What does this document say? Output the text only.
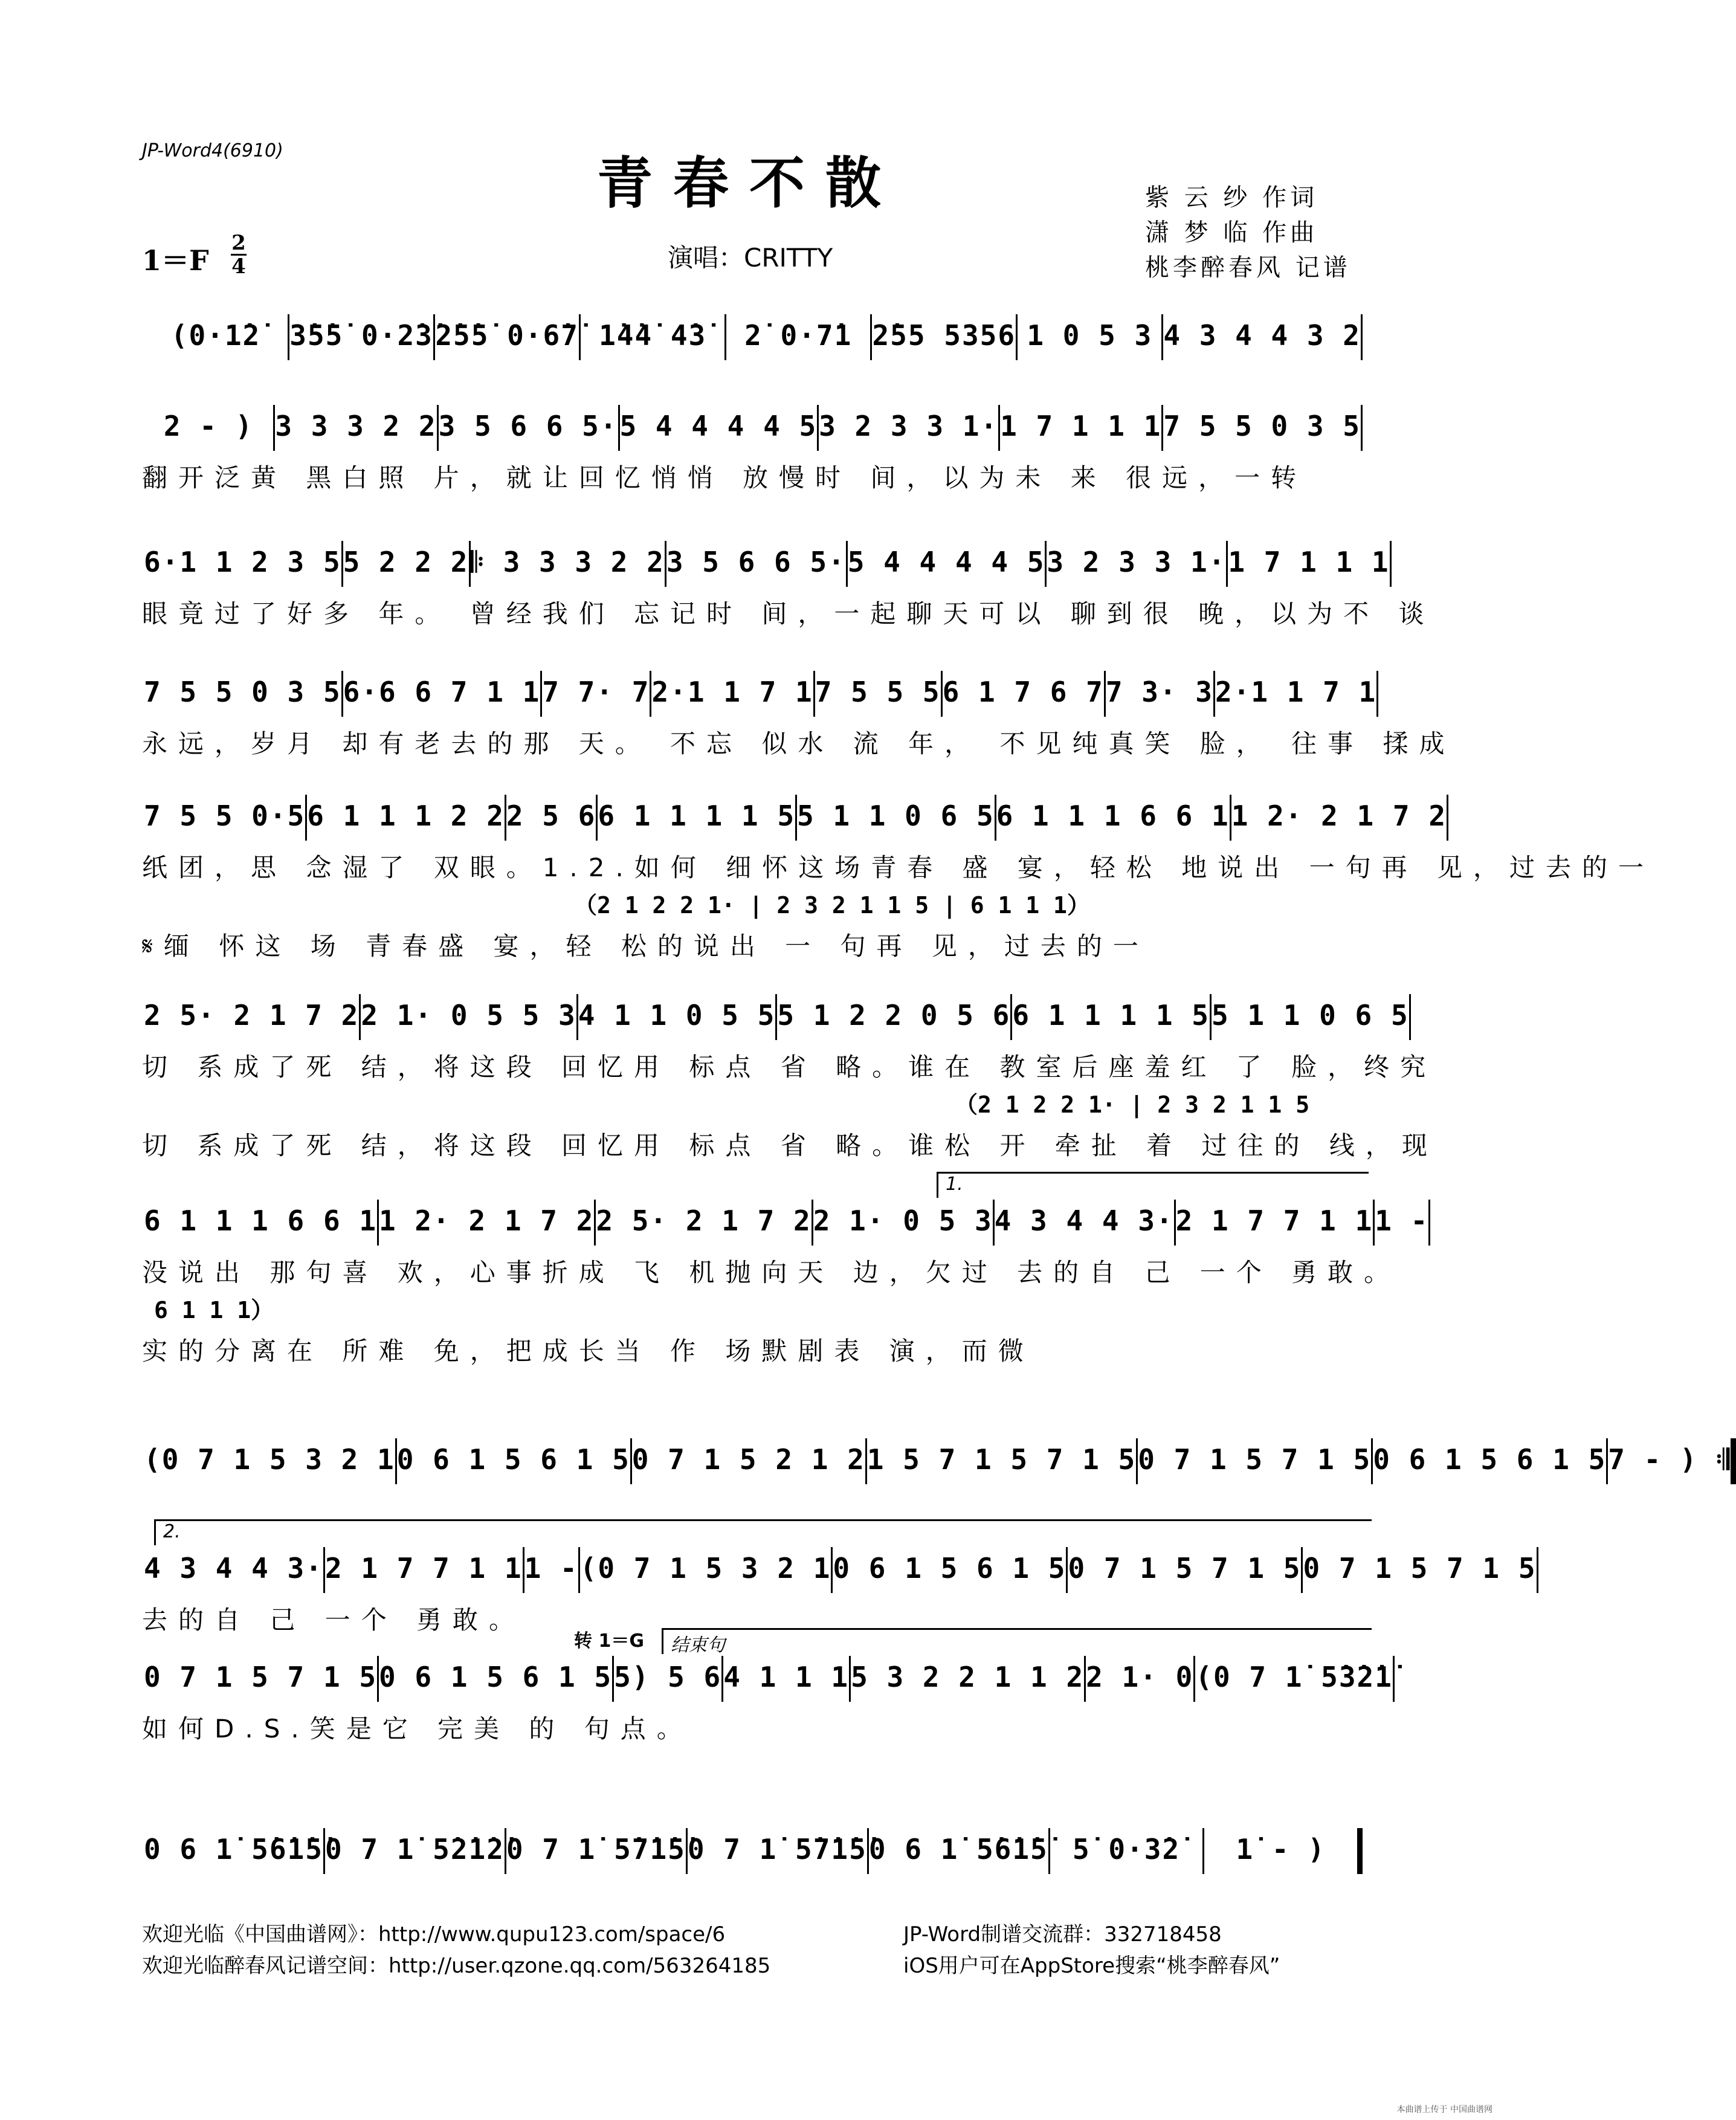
JP-Word4(6910)	青春不散	紫 云 纱 作词
潇 梦 临 作曲
桃李醉春风 记谱
1＝F
2
4	演唱：CRITTY
(0·1̇2̇	3̇5̇5̇ 0·2̇3̇ 2̇5̇5̇ 0·6̇7̇ 1̇4̇4̇ 4̇3̇	2̇ 0·7̇1 2̇55 5356 1 0 5 3 4 3 4 4 3 2
2 - ) 3 3 3 2 2 3 5 6 6 5· 5 4 4 4 4 5 3 2 3 3 1· 1 7 1 1 1 7 5 5 0 3 5
翻开泛黄 黑白照 片，就让回忆悄悄 放慢时 间，以为未 来 很远，一转
6·1 1 2 3 5 5 2 2 2 𝄆 3 3 3 2 2 3 5 6 6 5· 5 4 4 4 4 5 3 2 3 3 1· 1 7 1 1 1
眼竟过了好多 年。 曾经我们 忘记时 间，一起聊天可以 聊到很 晚，以为不 谈
7 5 5 0 3 5 6·6 6 7 1 1 7 7· 7 2·1 1 7 1 7 5 5 5 6 1 7 6 7 7 3· 3 2·1 1 7 1
永远，岁月 却有老去的那 天。 不忘 似水 流 年， 不见纯真笑 脸， 往事 揉成
7 5 5 0·5 6 1 1 1 2 2 2 5 6 6 1 1 1 1 5 5 1 1 0 6 5 6 1 1 1 6 6 1 1 2· 2 1 7 2
纸团，思 念湿了 双眼。1.2.如何 细怀这场青春 盛 宴，轻松 地说出 一句再 见，过去的一
（2 1 2 2 1· | 2 3 2 1 1 5 | 6 1 1 1）
𝄋缅 怀这 场 青春盛 宴，轻 松的说出 一 句再 见，过去的一
2 5· 2 1 7 2 2 1· 0 5 5 3 4 1 1 0 5 5 5 1 2 2 0 5 6 6 1 1 1 1 5 5 1 1 0 6 5
切 系成了死 结，将这段 回忆用 标点 省 略。谁在 教室后座羞红 了 脸，终究
（2 1 2 2 1· | 2 3 2 1 1 5
切 系成了死 结，将这段 回忆用 标点 省 略。谁松 开 牵扯 着 过往的 线，现
6 1 1 1 6 6 1 1 2· 2 1 7 2 2 5· 2 1 7 2 2 1· 0 5 3 4 3 4 4 3· 2 1 7 7 1 1 1 -
1.
没说出 那句喜 欢，心事折成 飞 机抛向天 边，欠过 去的自 己 一个 勇敢。
6 1 1 1）
实的分离在 所难 免，把成长当 作 场默剧表 演，而微
(0 7 1 5 3 2 1 0 6 1 5 6 1 5 0 7 1 5 2 1 2 1 5 7 1 5 7 1 5 0 7 1 5 7 1 5 0 6 1 5 6 1 5 7 - ) 𝄇
4 3 4 4 3· 2 1 7 7 1 1 1 - (0 7 1 5 3 2 1 0 6 1 5 6 1 5 0 7 1 5 7 1 5 0 7 1 5 7 1 5
2.
去的自 己 一个 勇敢。
0 7 1 5 7 1 5 0 6 1 5 6 1 5 5) 5 6 4 1 1 1 5 3 2 2 1 1 2 2 1· 0 (0 7 1̇ 5̇3̇2̇1̇
转 1＝G	结束句
如何D.S.笑是它 完美 的 句点。
0 6 1̇ 5̇6̇1̇5̇ 0 7 1̇ 5̇2̇1̇2̇ 0 7 1̇ 5̇7̇1̇5̇ 0 7 1̇ 5̇7̇1̇5̇ 0 6 1̇ 5̇6̇1̇5̇ 5̇ 0·3̇2̇	1̇ - )
欢迎光临《中国曲谱网》：http://www.qupu123.com/space/6
欢迎光临醉春风记谱空间：http://user.qzone.qq.com/563264185
JP-Word制谱交流群：332718458
iOS用户可在AppStore搜索“桃李醉春风”
本曲谱上传于 中国曲谱网
